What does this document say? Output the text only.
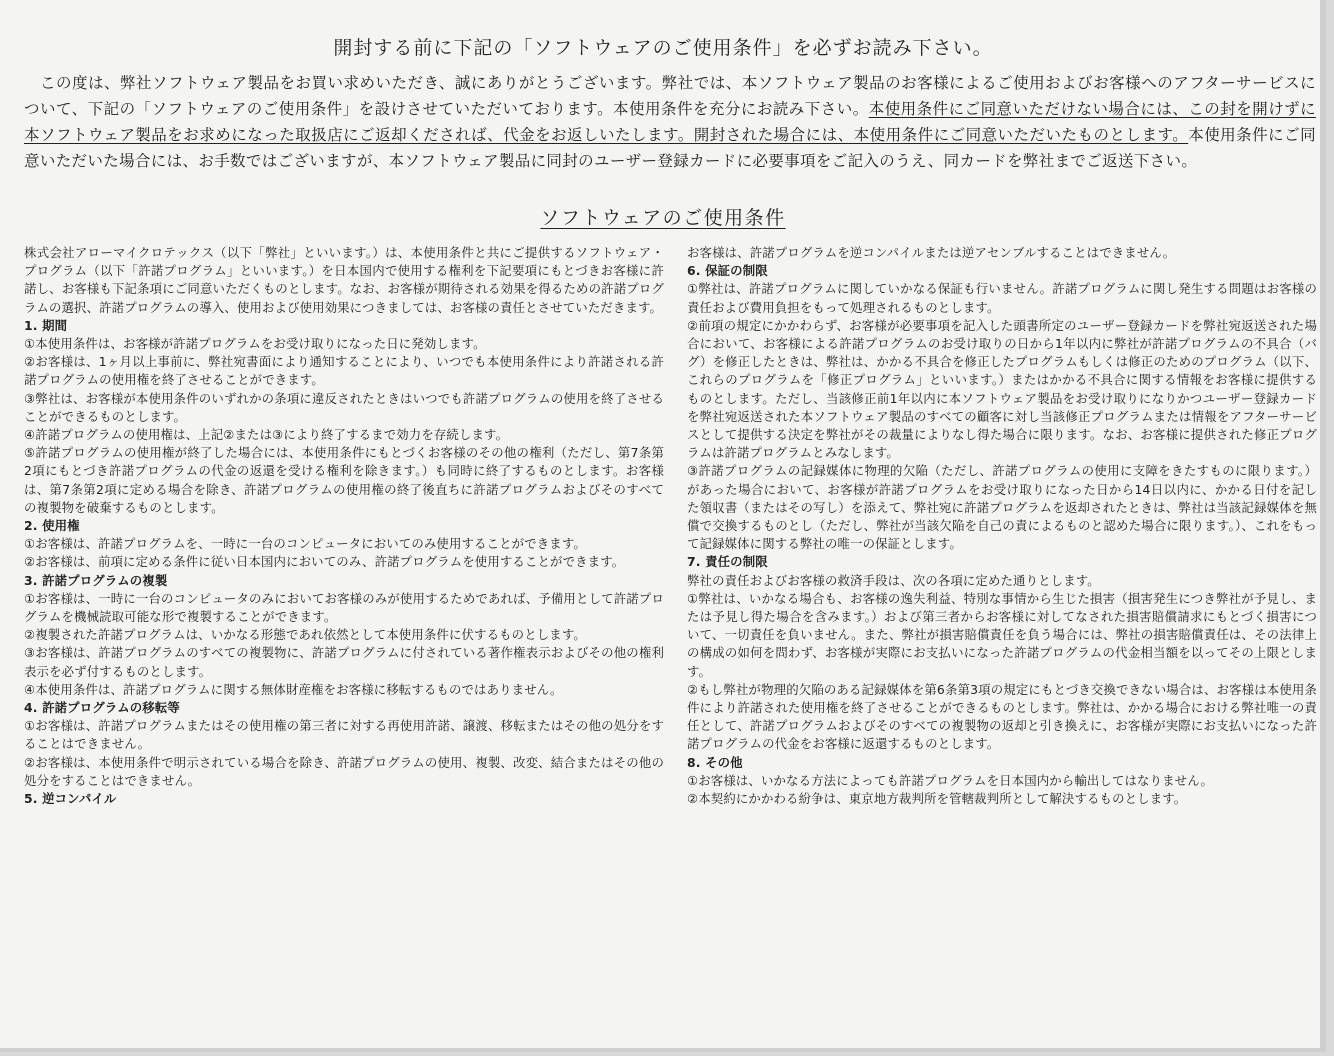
開封する前に下記の「ソフトウェアのご使用条件」を必ずお読み下さい。

　この度は、弊社ソフトウェア製品をお買い求めいただき、誠にありがとうございます。弊社では、本ソフトウェア製品のお客様によるご使用およびお客様へのアフターサービスについて、下記の「ソフトウェアのご使用条件」を設けさせていただいております。本使用条件を充分にお読み下さい。本使用条件にご同意いただけない場合には、この封を開けずに本ソフトウェア製品をお求めになった取扱店にご返却くだされば、代金をお返しいたします。開封された場合には、本使用条件にご同意いただいたものとします。本使用条件にご同意いただいた場合には、お手数ではございますが、本ソフトウェア製品に同封のユーザー登録カードに必要事項をご記入のうえ、同カードを弊社までご返送下さい。

ソフトウェアのご使用条件

株式会社アローマイクロテックス（以下「弊社」といいます。）は、本使用条件と共にご提供するソフトウェア・プログラム（以下「許諾プログラム」といいます。）を日本国内で使用する権利を下記要項にもとづきお客様に許諾し、お客様も下記条項にご同意いただくものとします。なお、お客様が期待される効果を得るための許諾プログラムの選択、許諾プログラムの導入、使用および使用効果につきましては、お客様の責任とさせていただきます。

1. 期間

①本使用条件は、お客様が許諾プログラムをお受け取りになった日に発効します。

②お客様は、1ヶ月以上事前に、弊社宛書面により通知することにより、いつでも本使用条件により許諾される許諾プログラムの使用権を終了させることができます。

③弊社は、お客様が本使用条件のいずれかの条項に違反されたときはいつでも許諾プログラムの使用を終了させることができるものとします。

④許諾プログラムの使用権は、上記②または③により終了するまで効力を存続します。

⑤許諾プログラムの使用権が終了した場合には、本使用条件にもとづくお客様のその他の権利（ただし、第7条第2項にもとづき許諾プログラムの代金の返還を受ける権利を除きます。）も同時に終了するものとします。お客様は、第7条第2項に定める場合を除き、許諾プログラムの使用権の終了後直ちに許諾プログラムおよびそのすべての複製物を破棄するものとします。

2. 使用権

①お客様は、許諾プログラムを、一時に一台のコンピュータにおいてのみ使用することができます。

②お客様は、前項に定める条件に従い日本国内においてのみ、許諾プログラムを使用することができます。

3. 許諾プログラムの複製

①お客様は、一時に一台のコンピュータのみにおいてお客様のみが使用するためであれば、予備用として許諾プログラムを機械読取可能な形で複製することができます。

②複製された許諾プログラムは、いかなる形態であれ依然として本使用条件に伏するものとします。

③お客様は、許諾プログラムのすべての複製物に、許諾プログラムに付されている著作権表示およびその他の権利表示を必ず付するものとします。

④本使用条件は、許諾プログラムに関する無体財産権をお客様に移転するものではありません。

4. 許諾プログラムの移転等

①お客様は、許諾プログラムまたはその使用権の第三者に対する再使用許諾、譲渡、移転またはその他の処分をすることはできません。

②お客様は、本使用条件で明示されている場合を除き、許諾プログラムの使用、複製、改変、結合またはその他の処分をすることはできません。

5. 逆コンパイル

お客様は、許諾プログラムを逆コンパイルまたは逆アセンブルすることはできません。

6. 保証の制限

①弊社は、許諾プログラムに関していかなる保証も行いません。許諾プログラムに関し発生する問題はお客様の責任および費用負担をもって処理されるものとします。

②前項の規定にかかわらず、お客様が必要事項を記入した頭書所定のユーザー登録カードを弊社宛返送された場合において、お客様による許諾プログラムのお受け取りの日から1年以内に弊社が許諾プログラムの不具合（バグ）を修正したときは、弊社は、かかる不具合を修正したプログラムもしくは修正のためのプログラム（以下、これらのプログラムを「修正プログラム」といいます。）またはかかる不具合に関する情報をお客様に提供するものとします。ただし、当該修正前1年以内に本ソフトウェア製品をお受け取りになりかつユーザー登録カードを弊社宛返送された本ソフトウェア製品のすべての顧客に対し当該修正プログラムまたは情報をアフターサービスとして提供する決定を弊社がその裁量によりなし得た場合に限ります。なお、お客様に提供された修正プログラムは許諾プログラムとみなします。

③許諾プログラムの記録媒体に物理的欠陥（ただし、許諾プログラムの使用に支障をきたすものに限ります。）があった場合において、お客様が許諾プログラムをお受け取りになった日から14日以内に、かかる日付を記した領収書（またはその写し）を添えて、弊社宛に許諾プログラムを返却されたときは、弊社は当該記録媒体を無償で交換するものとし（ただし、弊社が当該欠陥を自己の責によるものと認めた場合に限ります。）、これをもって記録媒体に関する弊社の唯一の保証とします。

7. 責任の制限

弊社の責任およびお客様の救済手段は、次の各項に定めた通りとします。

①弊社は、いかなる場合も、お客様の逸失利益、特別な事情から生じた損害（損害発生につき弊社が予見し、または予見し得た場合を含みます。）および第三者からお客様に対してなされた損害賠償請求にもとづく損害について、一切責任を負いません。また、弊社が損害賠償責任を負う場合には、弊社の損害賠償責任は、その法律上の構成の如何を問わず、お客様が実際にお支払いになった許諾プログラムの代金相当額を以ってその上限とします。

②もし弊社が物理的欠陥のある記録媒体を第6条第3項の規定にもとづき交換できない場合は、お客様は本使用条件により許諾された使用権を終了させることができるものとします。弊社は、かかる場合における弊社唯一の責任として、許諾プログラムおよびそのすべての複製物の返却と引き換えに、お客様が実際にお支払いになった許諾プログラムの代金をお客様に返還するものとします。

8. その他

①お客様は、いかなる方法によっても許諾プログラムを日本国内から輸出してはなりません。

②本契約にかかわる紛争は、東京地方裁判所を管轄裁判所として解決するものとします。
